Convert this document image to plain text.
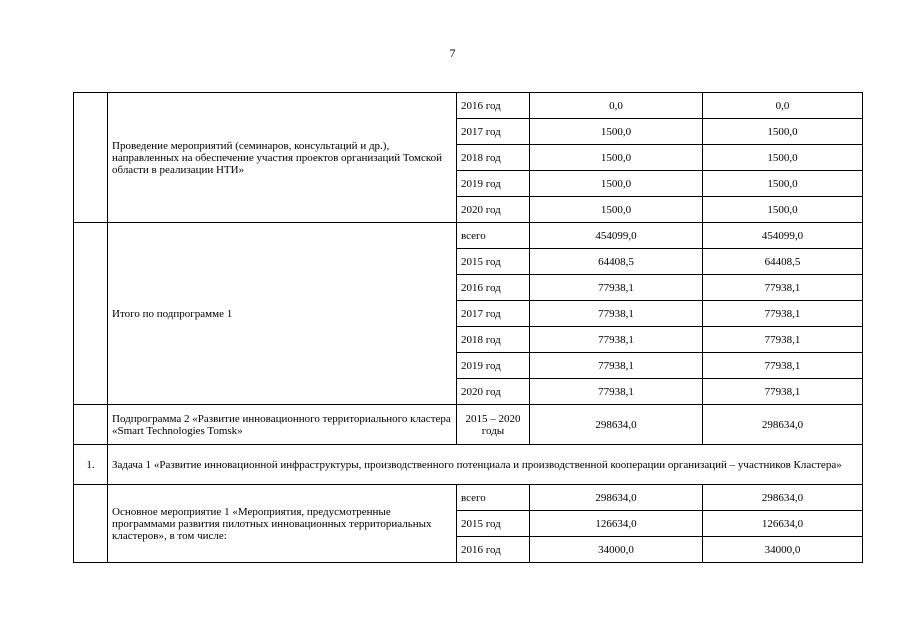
7
	Проведение мероприятий (семинаров, консультаций и др.), направленных на обеспечение участия проектов организаций Томской области в реализации НТИ»	2016 год	0,0	0,0
		2017 год	1500,0	1500,0
		2018 год	1500,0	1500,0
		2019 год	1500,0	1500,0
		2020 год	1500,0	1500,0
	Итого по подпрограмме 1	всего	454099,0	454099,0
		2015 год	64408,5	64408,5
		2016 год	77938,1	77938,1
		2017 год	77938,1	77938,1
		2018 год	77938,1	77938,1
		2019 год	77938,1	77938,1
		2020 год	77938,1	77938,1
	Подпрограмма 2 «Развитие инновационного территориального кластера «Smart Technologies Tomsk»	2015 – 2020 годы	298634,0	298634,0
1.	Задача 1 «Развитие инновационной инфраструктуры, производственного потенциала и производственной кооперации организаций – участников Кластера»			
	Основное мероприятие 1 «Мероприятия, предусмотренные программами развития пилотных инновационных территориальных кластеров», в том числе:	всего	298634,0	298634,0
		2015 год	126634,0	126634,0
		2016 год	34000,0	34000,0
